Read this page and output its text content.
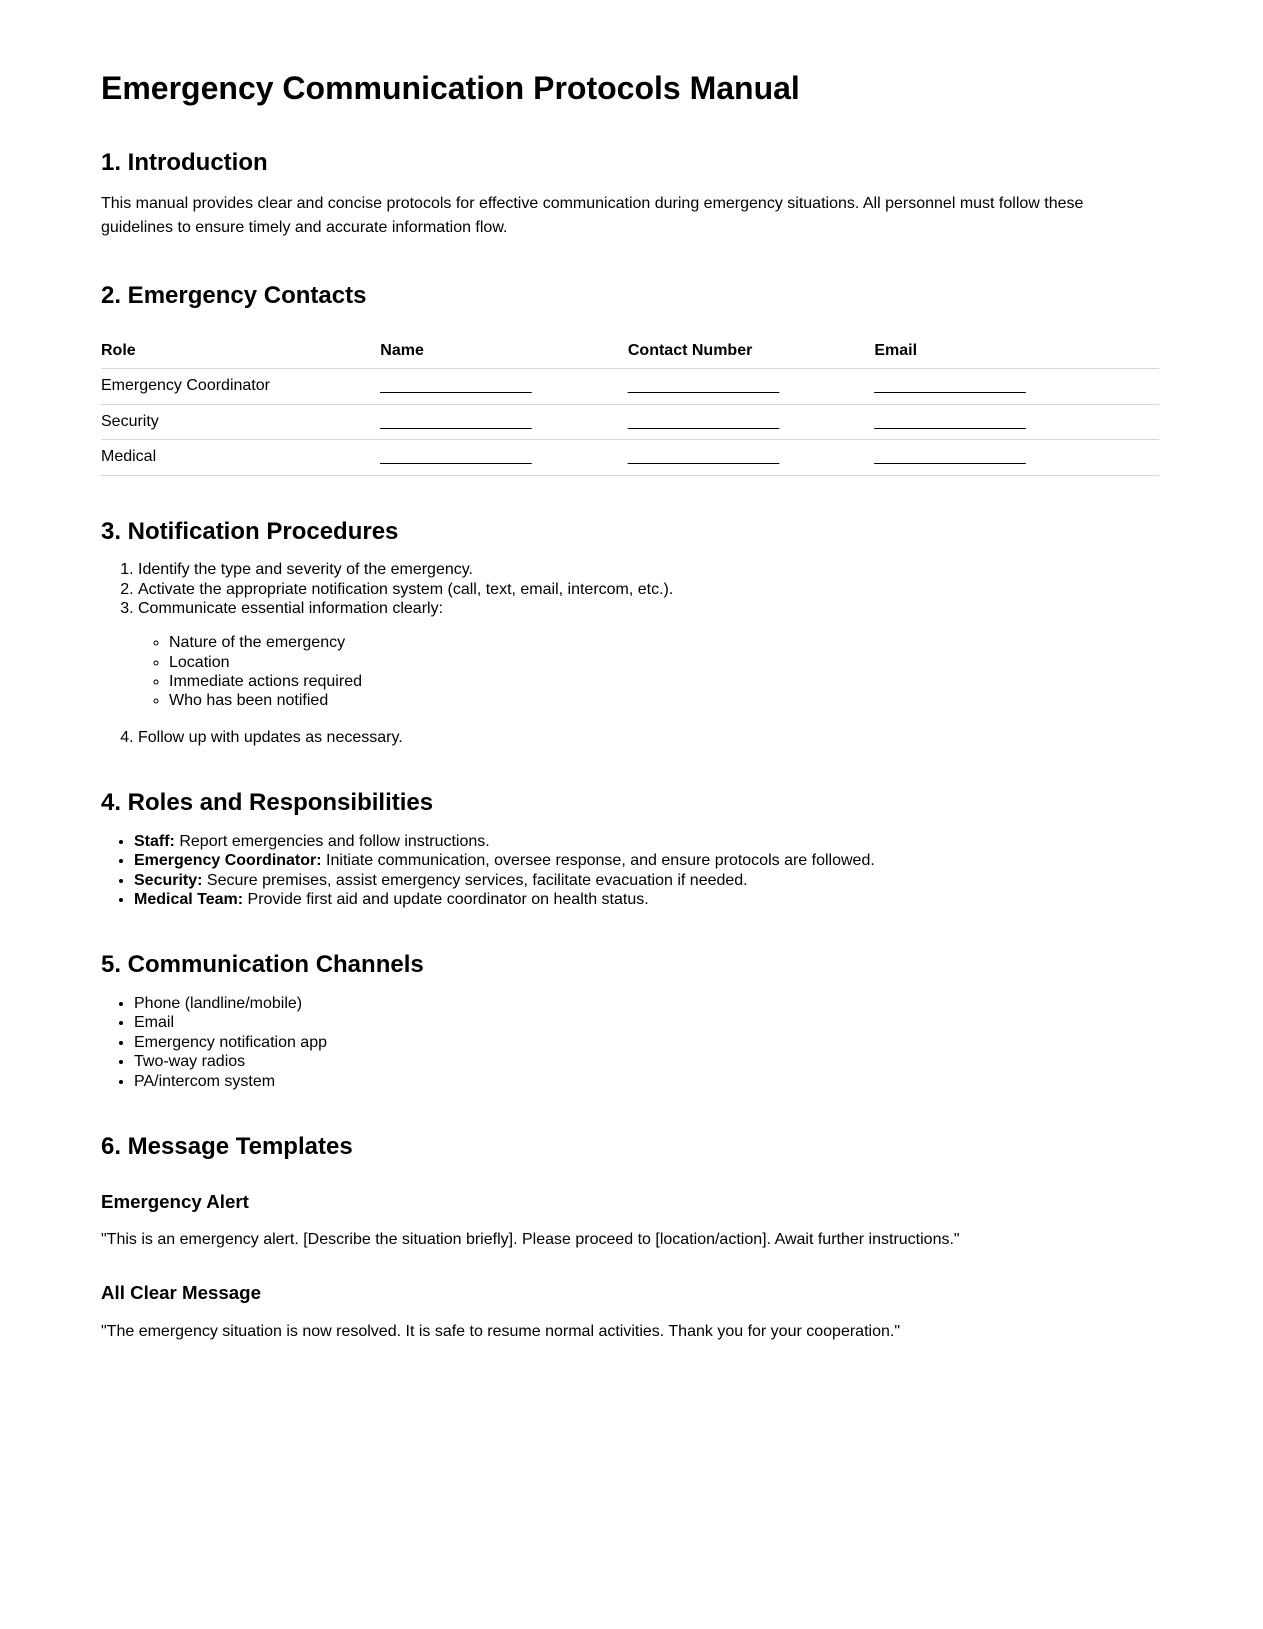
Emergency Communication Protocols Manual
1. Introduction

This manual provides clear and concise protocols for effective communication during emergency situations. All personnel must follow these guidelines to ensure timely and accurate information flow.

2. Emergency Contacts
Role	Name	Contact Number	Email
Emergency Coordinator	_________________	_________________	_________________
Security	_________________	_________________	_________________
Medical	_________________	_________________	_________________
3. Notification Procedures
1. Identify the type and severity of the emergency.
2. Activate the appropriate notification system (call, text, email, intercom, etc.).
3. Communicate essential information clearly:
◦ Nature of the emergency
◦ Location
◦ Immediate actions required
◦ Who has been notified
4. Follow up with updates as necessary.
4. Roles and Responsibilities
• Staff: Report emergencies and follow instructions.
• Emergency Coordinator: Initiate communication, oversee response, and ensure protocols are followed.
• Security: Secure premises, assist emergency services, facilitate evacuation if needed.
• Medical Team: Provide first aid and update coordinator on health status.
5. Communication Channels
• Phone (landline/mobile)
• Email
• Emergency notification app
• Two-way radios
• PA/intercom system
6. Message Templates
Emergency Alert

"This is an emergency alert. [Describe the situation briefly]. Please proceed to [location/action]. Await further instructions."

All Clear Message

"The emergency situation is now resolved. It is safe to resume normal activities. Thank you for your cooperation."
